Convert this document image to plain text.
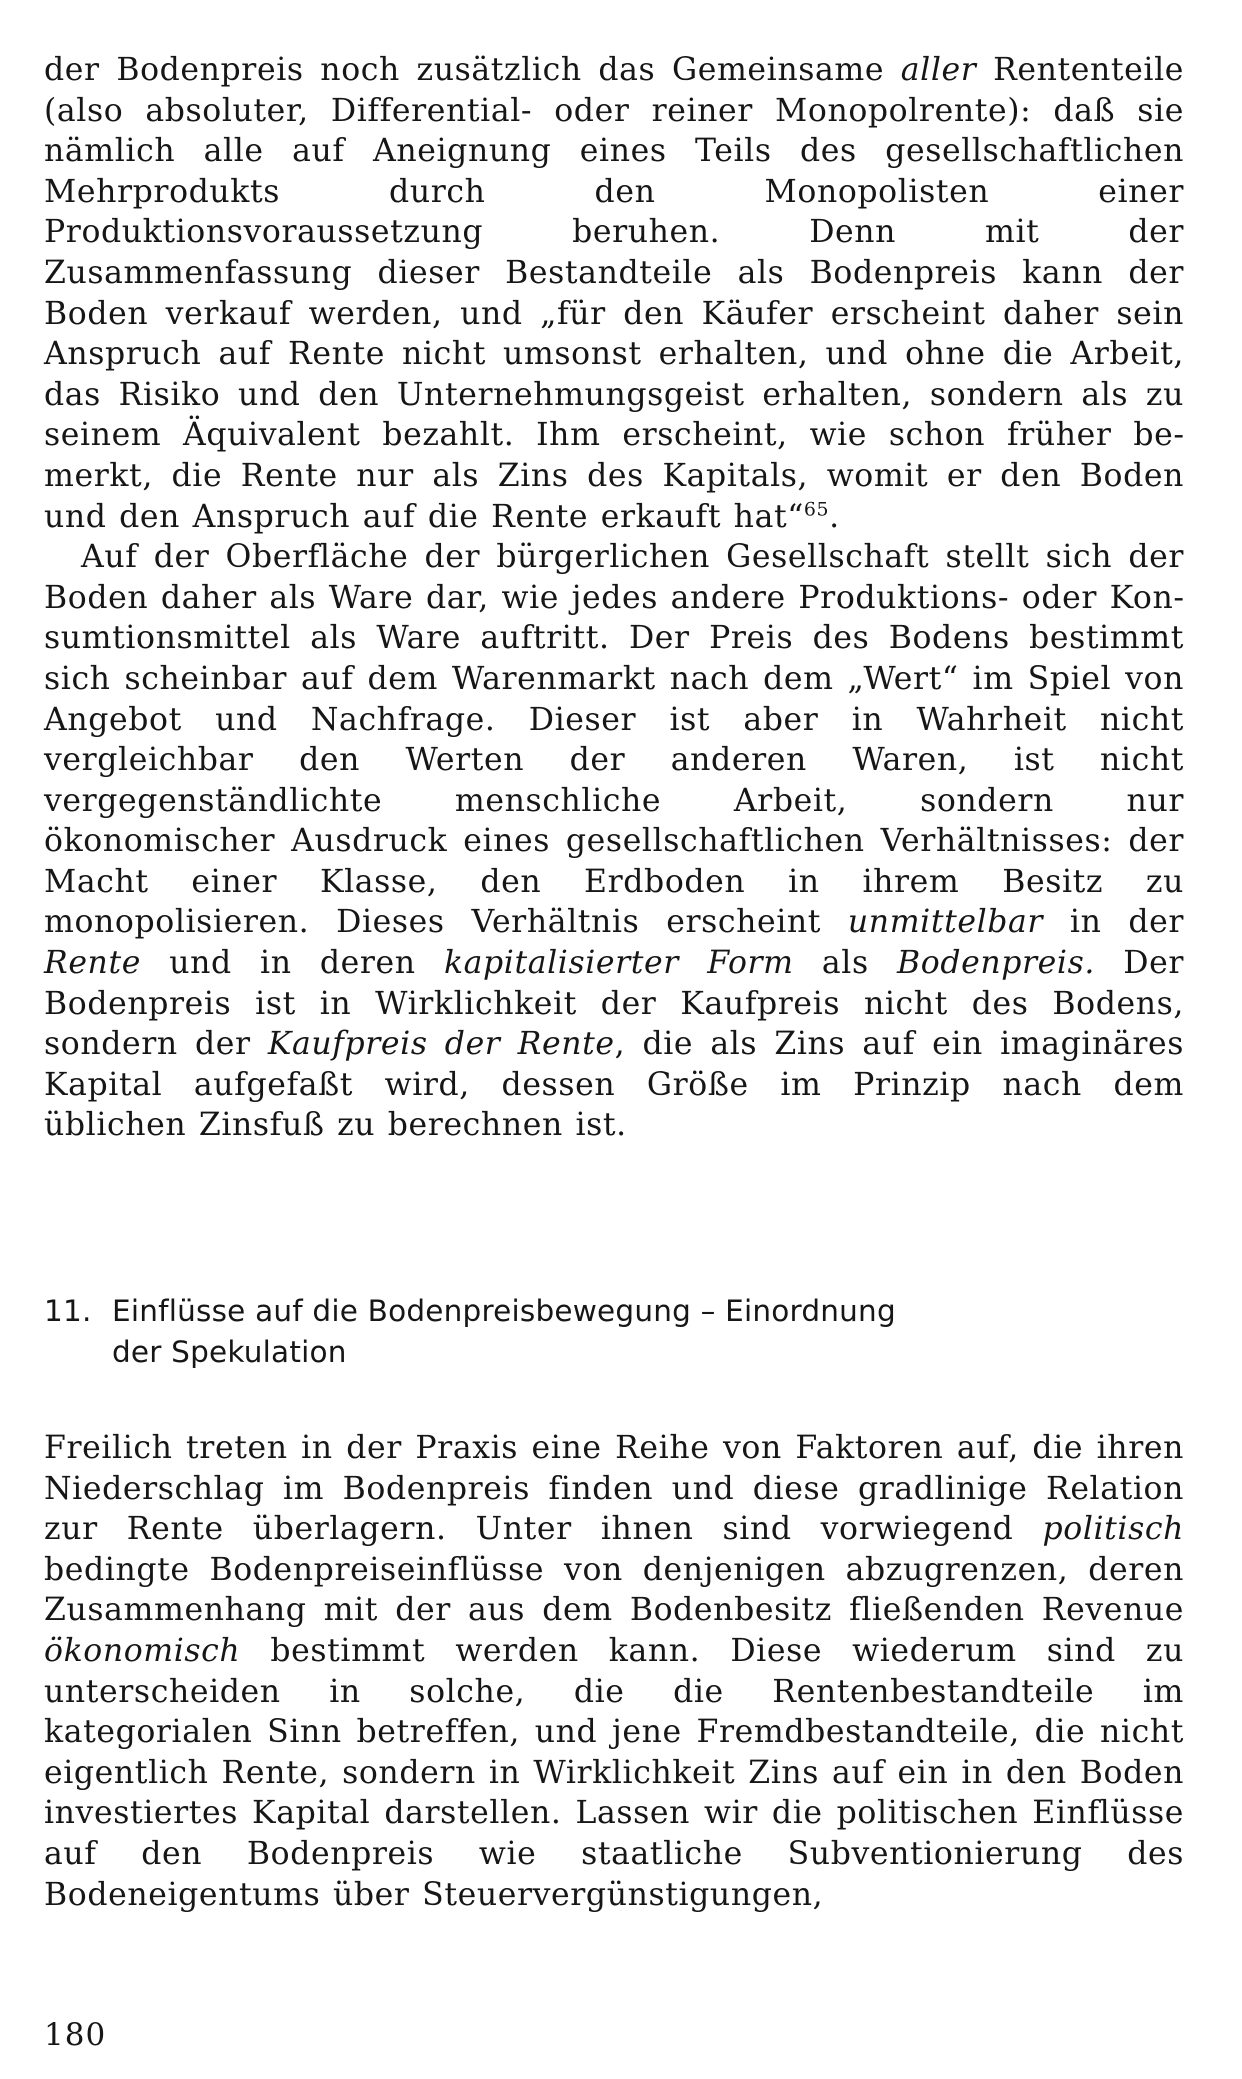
der Bodenpreis noch zusätzlich das Gemeinsame aller Rententeile (also absoluter, Differential- oder reiner Monopolrente): daß sie nämlich alle auf Aneignung eines Teils des gesellschaftlichen Mehrprodukts durch den Monopolisten einer Produktionsvoraussetzung beruhen. Denn mit der Zusammenfassung dieser Bestandteile als Bodenpreis kann der Boden verkauf werden, und „für den Käufer erscheint daher sein Anspruch auf Rente nicht umsonst erhalten, und ohne die Arbeit, das Risiko und den Unternehmungsgeist erhalten, sondern als zu seinem Äquivalent bezahlt. Ihm erscheint, wie schon früher bemerkt, die Rente nur als Zins des Kapitals, womit er den Boden und den Anspruch auf die Rente erkauft hat“$^{65}$.

Auf der Oberfläche der bürgerlichen Gesellschaft stellt sich der Boden daher als Ware dar, wie jedes andere Produktions- oder Konsumtionsmittel als Ware auftritt. Der Preis des Bodens bestimmt sich scheinbar auf dem Warenmarkt nach dem „Wert“ im Spiel von Angebot und Nachfrage. Dieser ist aber in Wahrheit nicht vergleichbar den Werten der anderen Waren, ist nicht vergegenständlichte menschliche Arbeit, sondern nur ökonomischer Ausdruck eines gesellschaftlichen Verhältnisses: der Macht einer Klasse, den Erdboden in ihrem Besitz zu monopolisieren. Dieses Verhältnis erscheint unmittelbar in der Rente und in deren kapitalisierter Form als Bodenpreis. Der Bodenpreis ist in Wirklichkeit der Kaufpreis nicht des Bodens, sondern der Kaufpreis der Rente, die als Zins auf ein imaginäres Kapital aufgefaßt wird, dessen Größe im Prinzip nach dem üblichen Zinsfuß zu berechnen ist.

11. Einflüsse auf die Bodenpreisbewegung – Einordnung
der Spekulation

Freilich treten in der Praxis eine Reihe von Faktoren auf, die ihren Niederschlag im Bodenpreis finden und diese gradlinige Relation zur Rente überlagern. Unter ihnen sind vorwiegend politisch bedingte Bodenpreiseinflüsse von denjenigen abzugrenzen, deren Zusammenhang mit der aus dem Bodenbesitz fließenden Revenue ökonomisch bestimmt werden kann. Diese wiederum sind zu unterscheiden in solche, die die Rentenbestandteile im kategorialen Sinn betreffen, und jene Fremdbestandteile, die nicht eigentlich Rente, sondern in Wirklichkeit Zins auf ein in den Boden investiertes Kapital darstellen. Lassen wir die politischen Einflüsse auf den Bodenpreis wie staatliche Subventionierung des Bodeneigentums über Steuervergünstigungen,

180
